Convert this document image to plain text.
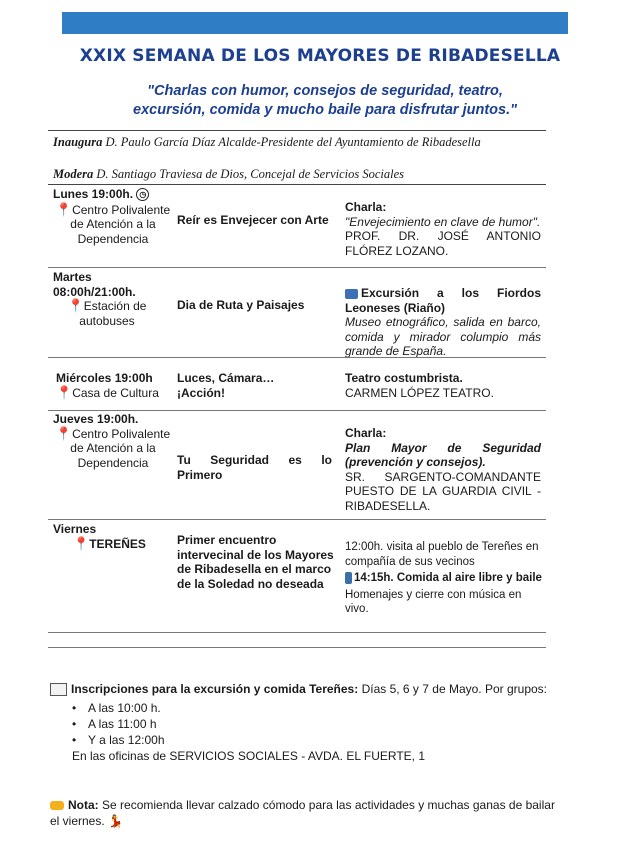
XXIX SEMANA DE LOS MAYORES DE RIBADESELLA
"Charlas con humor, consejos de seguridad, teatro,
excursión, comida y mucho baile para disfrutar juntos."
Inaugura D. Paulo García Díaz Alcalde-Presidente del Ayuntamiento de Ribadesella
Modera D. Santiago Traviesa de Dios, Concejal de Servicios Sociales
Lunes 19:00h. ◷
📍Centro Polivalente de Atención a la Dependencia
Reír es Envejecer con Arte
Charla:
"Envejecimiento en clave de humor".
PROF. DR. JOSÉ ANTONIO FLÓREZ LOZANO.
Martes
08:00h/21:00h.
📍Estación de autobuses
Dia de Ruta y Paisajes
Excursión a los Fiordos Leoneses (Riaño)
Museo etnográfico, salida en barco, comida y mirador columpio más grande de España.
Miércoles 19:00h
📍Casa de Cultura
Luces, Cámara… ¡Acción!
Teatro costumbrista.
CARMEN LÓPEZ TEATRO.
Jueves 19:00h.
📍Centro Polivalente de Atención a la Dependencia	Tu Seguridad es lo Primero
Charla:
Plan Mayor de Seguridad (prevención y consejos).
SR. SARGENTO-COMANDANTE PUESTO DE LA GUARDIA CIVIL - RIBADESELLA.
Viernes
📍TEREÑES	Primer encuentro intervecinal de los Mayores de Ribadesella en el marco de la Soledad no deseada
12:00h. visita al pueblo de Tereñes en compañía de sus vecinos
14:15h. Comida al aire libre y baile
Homenajes y cierre con música en vivo.
Inscripciones para la excursión y comida Tereñes: Días 5, 6 y 7 de Mayo. Por grupos:
• A las 10:00 h.
• A las 11:00 h
• Y a las 12:00h
En las oficinas de SERVICIOS SOCIALES - AVDA. EL FUERTE, 1
Nota: Se recomienda llevar calzado cómodo para las actividades y muchas ganas de bailar el viernes. 💃
